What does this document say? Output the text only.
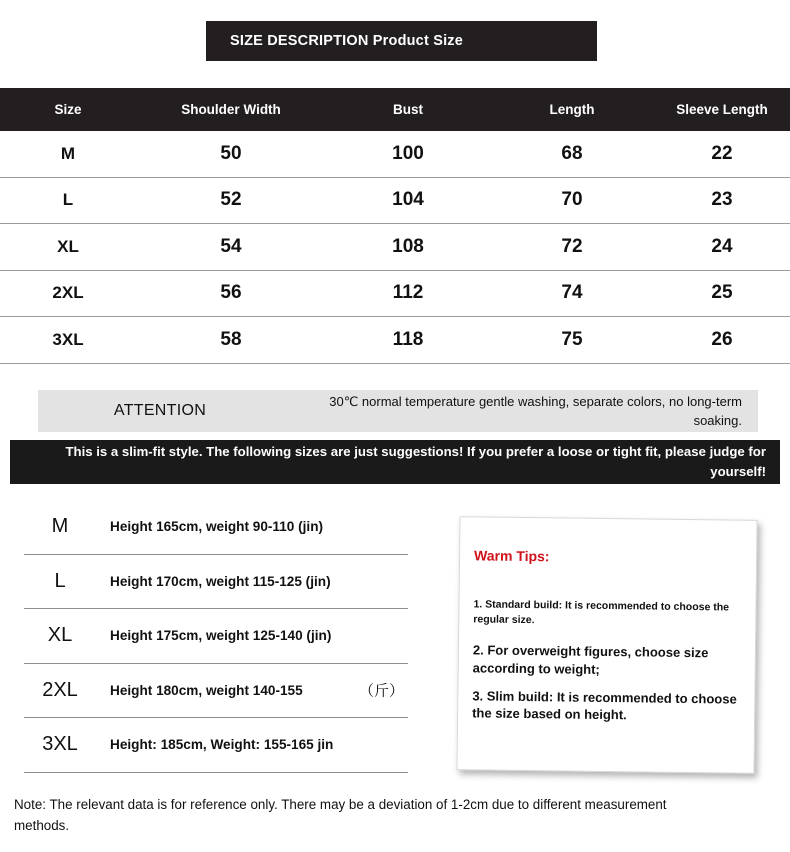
SIZE DESCRIPTION Product Size
Size	Shoulder Width	Bust	Length	Sleeve Length
M	50	100	68	22
L	52	104	70	23
XL	54	108	72	24
2XL	56	112	74	25
3XL	58	118	75	26
ATTENTION
30℃ normal temperature gentle washing, separate colors, no long-term soaking.
This is a slim-fit style. The following sizes are just suggestions! If you prefer a loose or tight fit, please judge for yourself!
M	Height 165cm, weight 90-110 (jin)
L	Height 170cm, weight 115-125 (jin)
XL	Height 175cm, weight 125-140 (jin)
2XL	Height 180cm, weight 140-155	（斤）
3XL	Height: 185cm, Weight: 155-165 jin
Warm Tips:
1. Standard build: It is recommended to choose the regular size.
2. For overweight figures, choose size according to weight;
3. Slim build: It is recommended to choose the size based on height.
Note: The relevant data is for reference only. There may be a deviation of 1-2cm due to different measurement methods.
